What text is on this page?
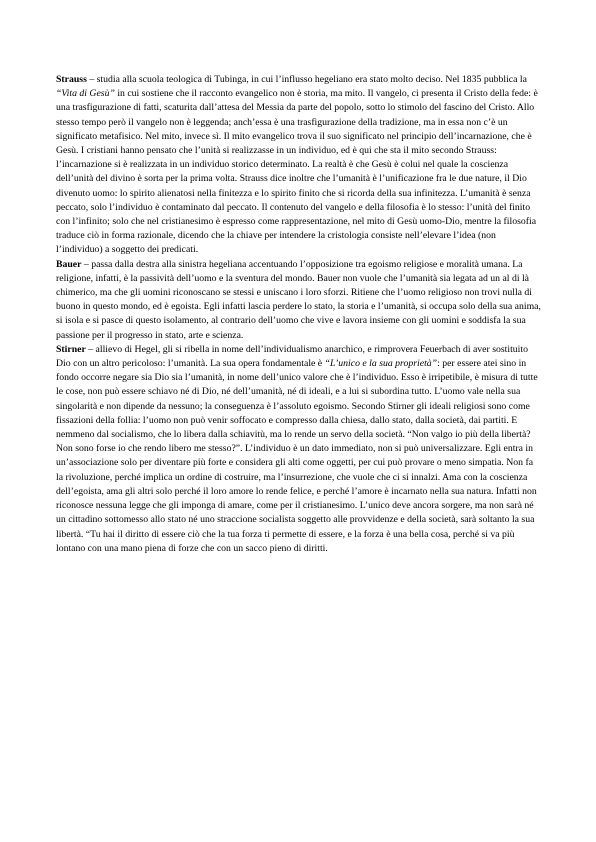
Strauss – studia alla scuola teologica di Tubinga, in cui l’influsso hegeliano era stato molto deciso. Nel 1835 pubblica la “Vita di Gesù” in cui sostiene che il racconto evangelico non è storia, ma mito. Il vangelo, ci presenta il Cristo della fede: è una trasfigurazione di fatti, scaturita dall’attesa del Messia da parte del popolo, sotto lo stimolo del fascino del Cristo. Allo stesso tempo però il vangelo non è leggenda; anch’essa è una trasfigurazione della tradizione, ma in essa non c’è un significato metafisico. Nel mito, invece sì. Il mito evangelico trova il suo significato nel principio dell’incarnazione, che è Gesù. I cristiani hanno pensato che l’unità si realizzasse in un individuo, ed è qui che sta il mito secondo Strauss: l’incarnazione si è realizzata in un individuo storico determinato. La realtà è che Gesù è colui nel quale la coscienza dell’unità del divino è sorta per la prima volta. Strauss dice inoltre che l’umanità è l’unificazione fra le due nature, il Dio divenuto uomo: lo spirito alienatosi nella finitezza e lo spirito finito che si ricorda della sua infinitezza. L’umanità è senza peccato, solo l’individuo è contaminato dal peccato. Il contenuto del vangelo e della filosofia è lo stesso: l’unità del finito con l’infinito; solo che nel cristianesimo è espresso come rappresentazione, nel mito di Gesù uomo-Dio, mentre la filosofia traduce ciò in forma razionale, dicendo che la chiave per intendere la cristologia consiste nell’elevare l’idea (non l’individuo) a soggetto dei predicati.

Bauer – passa dalla destra alla sinistra hegeliana accentuando l’opposizione tra egoismo religiose e moralità umana. La religione, infatti, è la passività dell’uomo e la sventura del mondo. Bauer non vuole che l’umanità sia legata ad un al di là chimerico, ma che gli uomini riconoscano se stessi e uniscano i loro sforzi. Ritiene che l’uomo religioso non trovi nulla di buono in questo mondo, ed è egoista. Egli infatti lascia perdere lo stato, la storia e l’umanità, si occupa solo della sua anima, si isola e si pasce di questo isolamento, al contrario dell’uomo che vive e lavora insieme con gli uomini e soddisfa la sua passione per il progresso in stato, arte e scienza.

Stirner – allievo di Hegel, gli si ribella in nome dell’individualismo anarchico, e rimprovera Feuerbach di aver sostituito Dio con un altro pericoloso: l’umanità. La sua opera fondamentale è “L’unico e la sua proprietà”: per essere atei sino in fondo occorre negare sia Dio sia l’umanità, in nome dell’unico valore che è l’individuo. Esso è irripetibile, è misura di tutte le cose, non può essere schiavo né di Dio, né dell’umanità, né di ideali, e a lui si subordina tutto. L’uomo vale nella sua singolarità e non dipende da nessuno; la conseguenza è l’assoluto egoismo. Secondo Stirner gli ideali religiosi sono come fissazioni della follia: l’uomo non può venir soffocato e compresso dalla chiesa, dallo stato, dalla società, dai partiti. E nemmeno dal socialismo, che lo libera dalla schiavitù, ma lo rende un servo della società. “Non valgo io più della libertà? Non sono forse io che rendo libero me stesso?”. L’individuo è un dato immediato, non si può universalizzare. Egli entra in un’associazione solo per diventare più forte e considera gli alti come oggetti, per cui può provare o meno simpatia. Non fa la rivoluzione, perché implica un ordine di costruire, ma l’insurrezione, che vuole che ci si innalzi. Ama con la coscienza dell’egoista, ama gli altri solo perché il loro amore lo rende felice, e perché l’amore è incarnato nella sua natura. Infatti non riconosce nessuna legge che gli imponga di amare, come per il cristianesimo. L’unico deve ancora sorgere, ma non sarà né un cittadino sottomesso allo stato né uno straccione socialista soggetto alle provvidenze e della società, sarà soltanto la sua libertà. “Tu hai il diritto di essere ciò che la tua forza ti permette di essere, e la forza è una bella cosa, perché si va più lontano con una mano piena di forze che con un sacco pieno di diritti.
